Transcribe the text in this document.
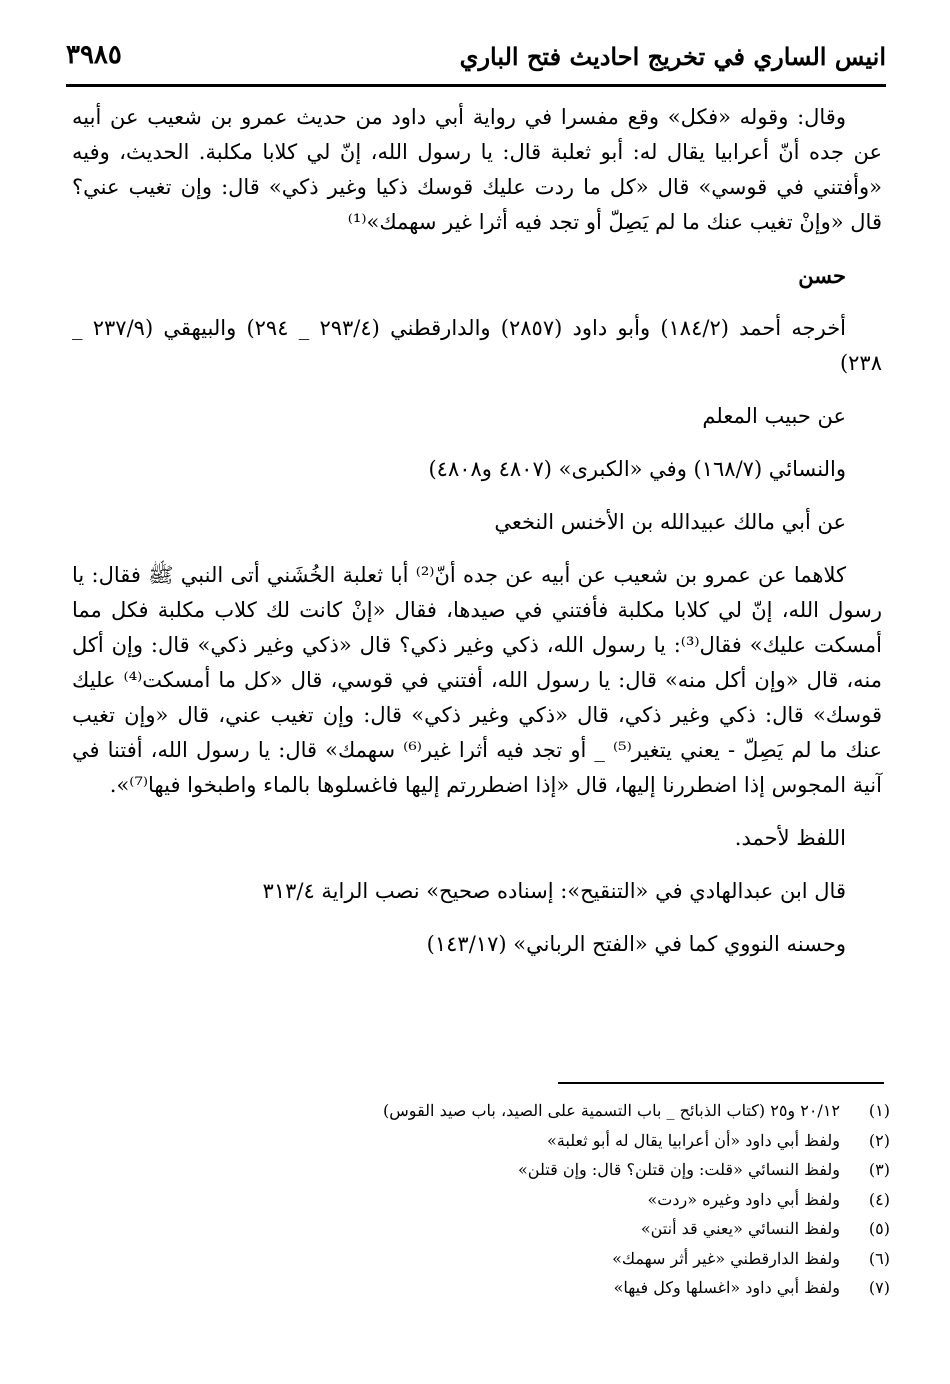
انيس الساري في تخريج احاديث فتح الباري
٣٩٨٥

وقال: وقوله «فكل» وقع مفسرا في رواية أبي داود من حديث عمرو بن شعيب عن أبيه عن جده أنّ أعرابيا يقال له: أبو ثعلبة قال: يا رسول الله، إنّ لي كلابا مكلبة. الحديث، وفيه «وأفتني في قوسي» قال «كل ما ردت عليك قوسك ذكيا وغير ذكي» قال: وإن تغيب عني؟ قال «وإنْ تغيب عنك ما لم يَصِلّ أو تجد فيه أثرا غير سهمك»⁽¹⁾

حسن

أخرجه أحمد (١٨٤/٢) وأبو داود (٢٨٥٧) والدارقطني (٢٩٣/٤ _ ٢٩٤) والبيهقي (٢٣٧/٩ _ ٢٣٨)

عن حبيب المعلم

والنسائي (١٦٨/٧) وفي «الكبرى» (٤٨٠٧ و٤٨٠٨)

عن أبي مالك عبيدالله بن الأخنس النخعي

كلاهما عن عمرو بن شعيب عن أبيه عن جده أنّ⁽²⁾ أبا ثعلبة الخُشَني أتى النبي ﷺ فقال: يا رسول الله، إنّ لي كلابا مكلبة فأفتني في صيدها، فقال «إنْ كانت لك كلاب مكلبة فكل مما أمسكت عليك» فقال⁽³⁾: يا رسول الله، ذكي وغير ذكي؟ قال «ذكي وغير ذكي» قال: وإن أكل منه، قال «وإن أكل منه» قال: يا رسول الله، أفتني في قوسي، قال «كل ما أمسكت⁽⁴⁾ عليك قوسك» قال: ذكي وغير ذكي، قال «ذكي وغير ذكي» قال: وإن تغيب عني، قال «وإن تغيب عنك ما لم يَصِلّ - يعني يتغير⁽⁵⁾ _ أو تجد فيه أثرا غير⁽⁶⁾ سهمك» قال: يا رسول الله، أفتنا في آنية المجوس إذا اضطررنا إليها، قال «إذا اضطررتم إليها فاغسلوها بالماء واطبخوا فيها⁽⁷⁾».

اللفظ لأحمد.

قال ابن عبدالهادي في «التنقيح»: إسناده صحيح» نصب الراية ٣١٣/٤

وحسنه النووي كما في «الفتح الرباني» (١٤٣/١٧)

(١)
٢٠/١٢ و٢٥ (كتاب الذبائح _ باب التسمية على الصيد، باب صيد القوس)
(٢)
ولفظ أبي داود «أن أعرابيا يقال له أبو ثعلبة»
(٣)
ولفظ النسائي «قلت: وإن قتلن؟ قال: وإن قتلن»
(٤)
ولفظ أبي داود وغيره «ردت»
(٥)
ولفظ النسائي «يعني قد أنتن»
(٦)
ولفظ الدارقطني «غير أثر سهمك»
(٧)
ولفظ أبي داود «اغسلها وكل فيها»
